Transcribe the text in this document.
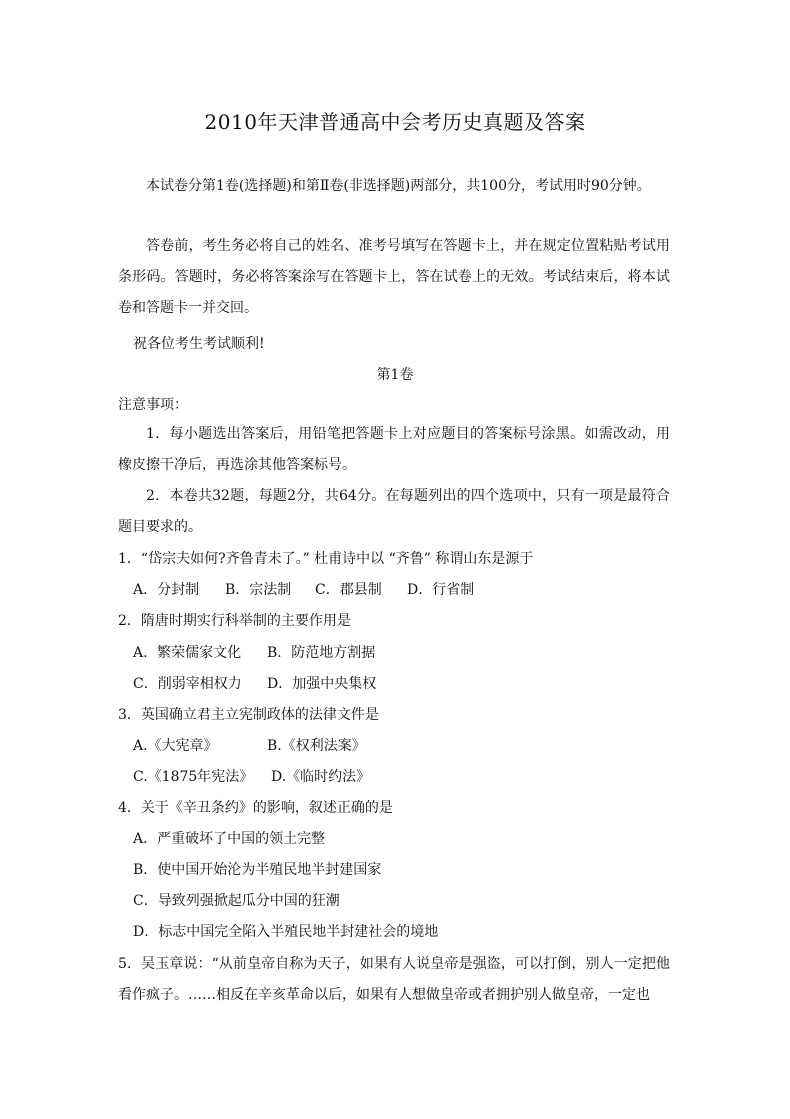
2010年天津普通高中会考历史真题及答案
本试卷分第1卷(选择题)和第Ⅱ卷(非选择题)两部分，共100分，考试用时90分钟。
答卷前，考生务必将自己的姓名、准考号填写在答题卡上，并在规定位置粘贴考试用条形码。答题时，务必将答案涂写在答题卡上，答在试卷上的无效。考试结束后，将本试卷和答题卡一并交回。
祝各位考生考试顺利!
第1卷
注意事项：
1．每小题选出答案后，用铅笔把答题卡上对应题目的答案标号涂黑。如需改动，用橡皮擦干净后，再选涂其他答案标号。
2．本卷共32题，每题2分，共64分。在每题列出的四个选项中，只有一项是最符合题目要求的。
1．“岱宗夫如何?齐鲁青未了。” 杜甫诗中以 “齐鲁” 称谓山东是源于
A．分封制 B．宗法制 C．郡县制 D．行省制
2．隋唐时期实行科举制的主要作用是
A．繁荣儒家文化 B．防范地方割据
C．削弱宰相权力 D．加强中央集权
3．英国确立君主立宪制政体的法律文件是
A.《大宪章》	B.《权利法案》
C.《1875年宪法》 D.《临时约法》
4．关于《辛丑条约》的影响，叙述正确的是
A．严重破坏了中国的领土完整
B．使中国开始沦为半殖民地半封建国家
C．导致列强掀起瓜分中国的狂潮
D．标志中国完全陷入半殖民地半封建社会的境地
5．吴玉章说：“从前皇帝自称为天子，如果有人说皇帝是强盗，可以打倒，别人一定把他看作疯子。……相反在辛亥革命以后，如果有人想做皇帝或者拥护别人做皇帝，一定也
